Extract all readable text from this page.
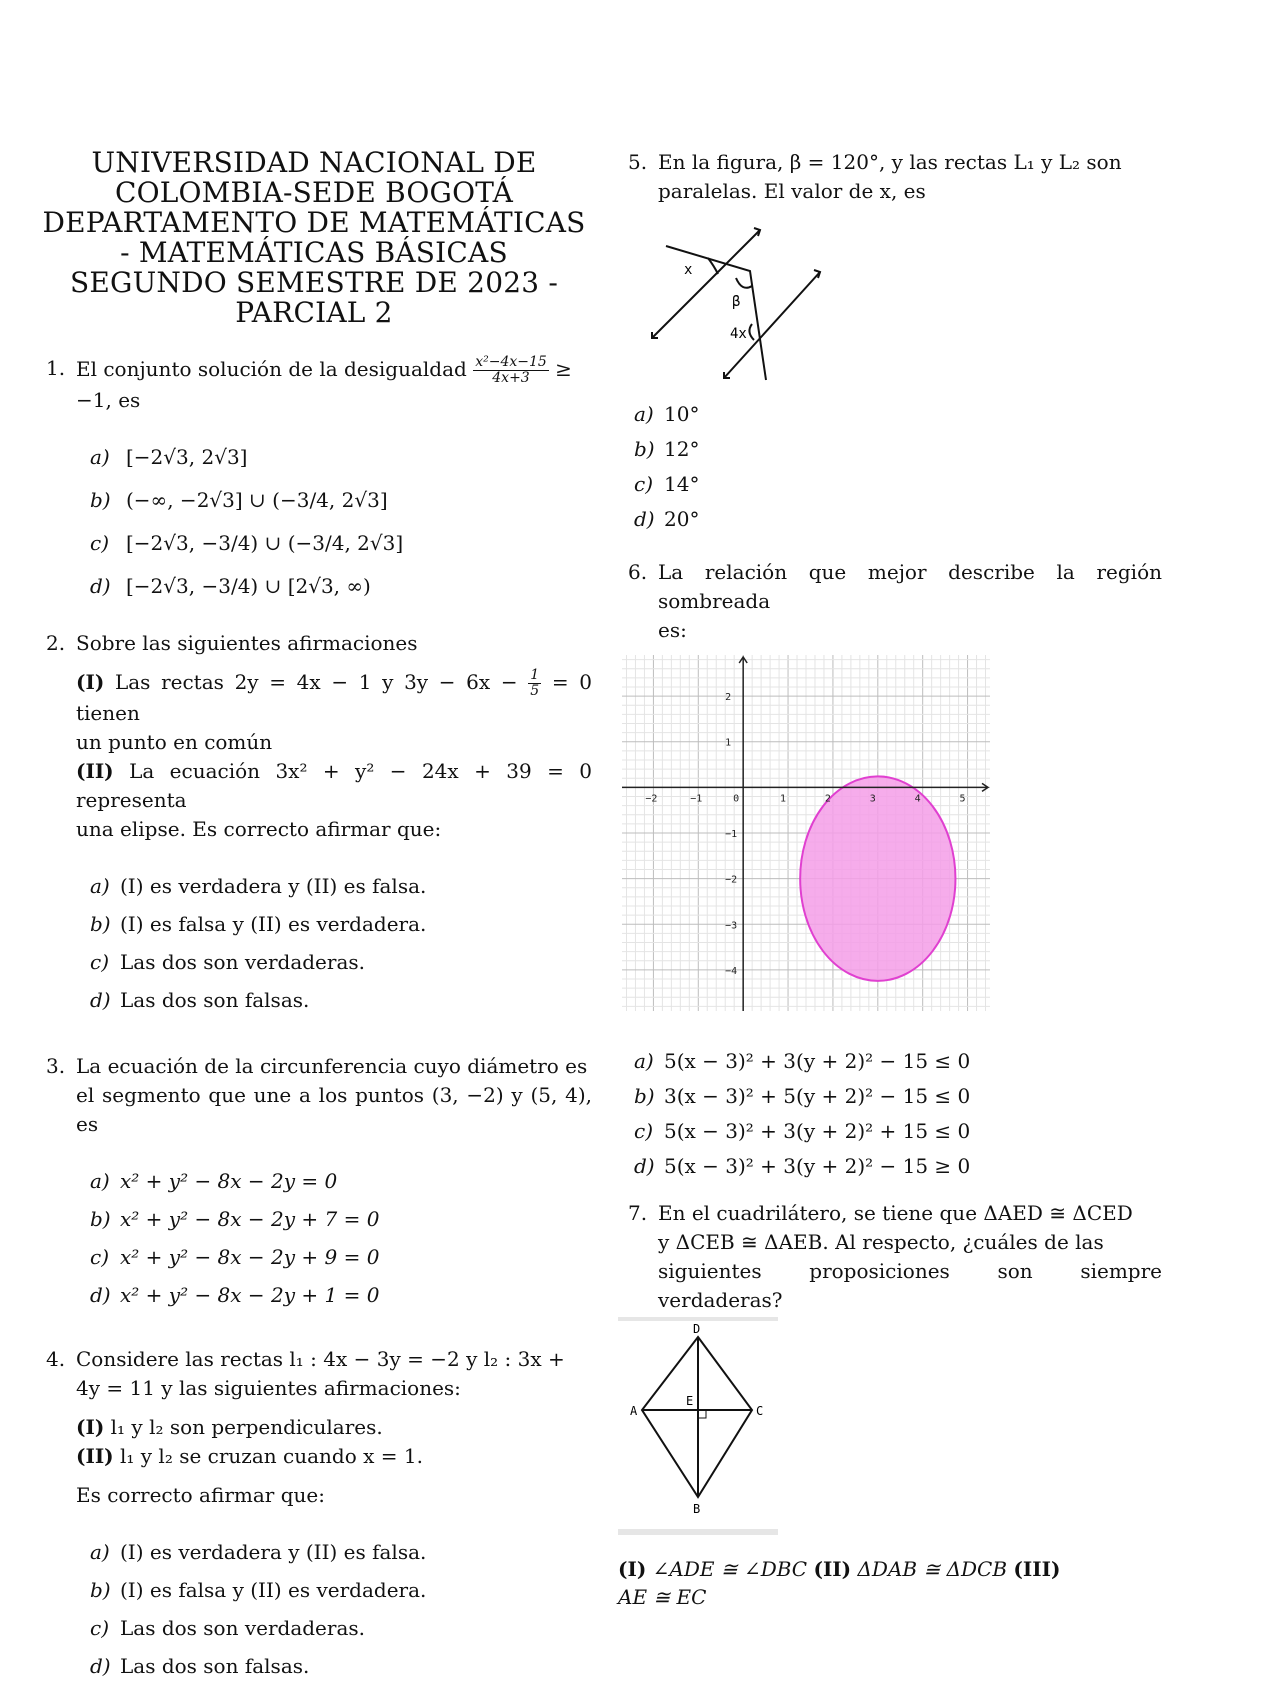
UNIVERSIDAD NACIONAL DE
COLOMBIA-SEDE BOGOTÁ
DEPARTAMENTO DE MATEMÁTICAS
- MATEMÁTICAS BÁSICAS
SEGUNDO SEMESTRE DE 2023 -
PARCIAL 2
1. El conjunto solución de la desigualdad $\frac{\text{x²−4x−15}}{4x+3}$ ≥
−1, es
a) [−2√3, 2√3]
b) (−∞, −2√3] ∪ (−3/4, 2√3]
c) [−2√3, −3/4) ∪ (−3/4, 2√3]
d) [−2√3, −3/4) ∪ [2√3, ∞)
2. Sobre las siguientes afirmaciones
(I) Las rectas 2y = 4x − 1 y $3y - 6x - \frac{1}{5} = 0$ tienen
un punto en común
(II) La ecuación 3x² + y² − 24x + 39 = 0 representa
una elipse. Es correcto afirmar que:
a) (I) es verdadera y (II) es falsa.
b) (I) es falsa y (II) es verdadera.
c) Las dos son verdaderas.
d) Las dos son falsas.
3. La ecuación de la circunferencia cuyo diámetro es
el segmento que une a los puntos (3, −2) y (5, 4), es
a) x² + y² − 8x − 2y = 0
b) x² + y² − 8x − 2y + 7 = 0
c) x² + y² − 8x − 2y + 9 = 0
d) x² + y² − 8x − 2y + 1 = 0
4. Considere las rectas l₁ : 4x − 3y = −2 y l₂ : 3x +
4y = 11 y las siguientes afirmaciones:
(I) l₁ y l₂ son perpendiculares.
(II) l₁ y l₂ se cruzan cuando x = 1.
Es correcto afirmar que:
a) (I) es verdadera y (II) es falsa.
b) (I) es falsa y (II) es verdadera.
c) Las dos son verdaderas.
d) Las dos son falsas.
5. En la figura, β = 120°, y las rectas L₁ y L₂ son
paralelas. El valor de x, es
x
β
4x
a) 10°
b) 12°
c) 14°
d) 20°
6. La relación que mejor describe la región sombreada
es:
−2	−1	0	1	2	3	4	5
2
1
−1
−2
−3
−4
a) 5(x − 3)² + 3(y + 2)² − 15 ≤ 0
b) 3(x − 3)² + 5(y + 2)² − 15 ≤ 0
c) 5(x − 3)² + 3(y + 2)² + 15 ≤ 0
d) 5(x − 3)² + 3(y + 2)² − 15 ≥ 0
7. En el cuadrilátero, se tiene que ΔAED ≅ ΔCED
y ΔCEB ≅ ΔAEB. Al respecto, ¿cuáles de las
siguientes proposiciones son siempre verdaderas?
D
A	C
B
E
(I) ∠ADE ≅ ∠DBC (II) ΔDAB ≅ ΔDCB (III)
AE ≅ EC
